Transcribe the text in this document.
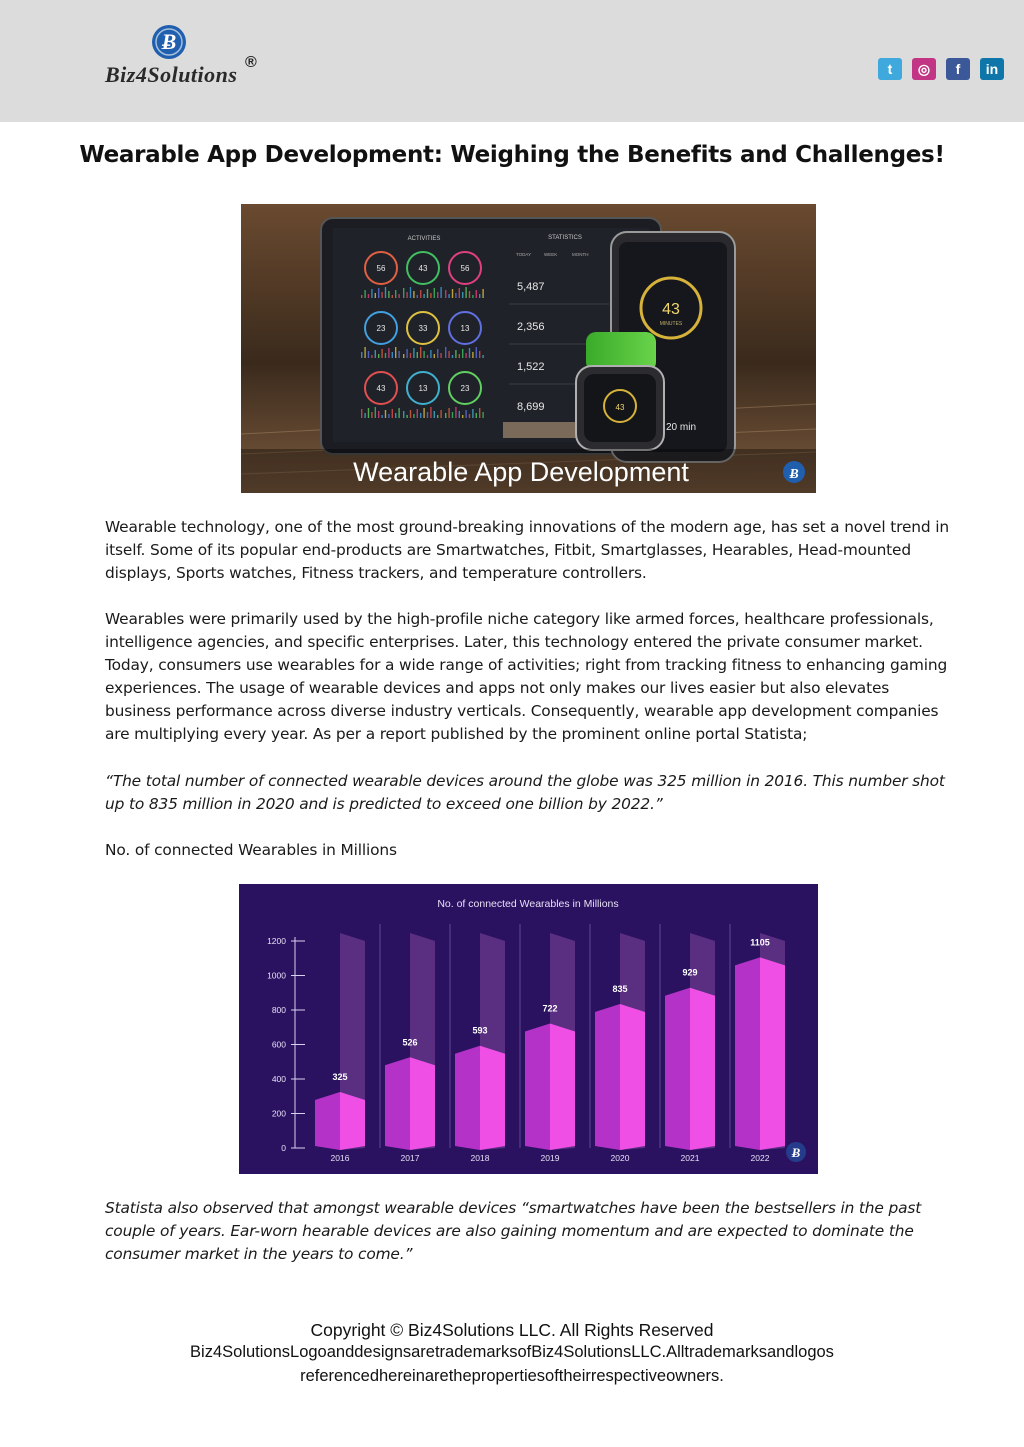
Ƀ
Biz4Solutions ®	t	◎	f	in
Wearable App Development: Weighing the Benefits and Challenges!
ACTIVITIES	STATISTICS
56	43	56
23	33	13
43	13	23
TODAY	WEEK	MONTH
5,487
2,356
1,522
8,699
43
MINUTES
20 min
43
Wearable App Development	Ƀ
Wearable technology, one of the most ground-breaking innovations of the modern age, has set a novel trend in itself. Some of its popular end-products are Smartwatches, Fitbit, Smartglasses, Hearables, Head-mounted displays, Sports watches, Fitness trackers, and temperature controllers.
Wearables were primarily used by the high-profile niche category like armed forces, healthcare professionals, intelligence agencies, and specific enterprises. Later, this technology entered the private consumer market. Today, consumers use wearables for a wide range of activities; right from tracking fitness to enhancing gaming experiences. The usage of wearable devices and apps not only makes our lives easier but also elevates business performance across diverse industry verticals. Consequently, wearable app development companies are multiplying every year. As per a report published by the prominent online portal Statista;
“The total number of connected wearable devices around the globe was 325 million in 2016. This number shot up to 835 million in 2020 and is predicted to exceed one billion by 2022.”
No. of connected Wearables in Millions
No. of connected Wearables in Millions
325
526
593
722
835
929
1105
0
200
400
600
800
1000
1200
2016	2017	2018	2019	2020	2021	2022 Ƀ
Statista also observed that amongst wearable devices “smartwatches have been the bestsellers in the past couple of years. Ear-worn hearable devices are also gaining momentum and are expected to dominate the consumer market in the years to come.”
Copyright © Biz4Solutions LLC. All Rights Reserved
Biz4SolutionsLogoanddesignsaretrademarksofBiz4SolutionsLLC.Alltrademarksandlogos
referencedhereinarethepropertiesoftheirrespectiveowners.
